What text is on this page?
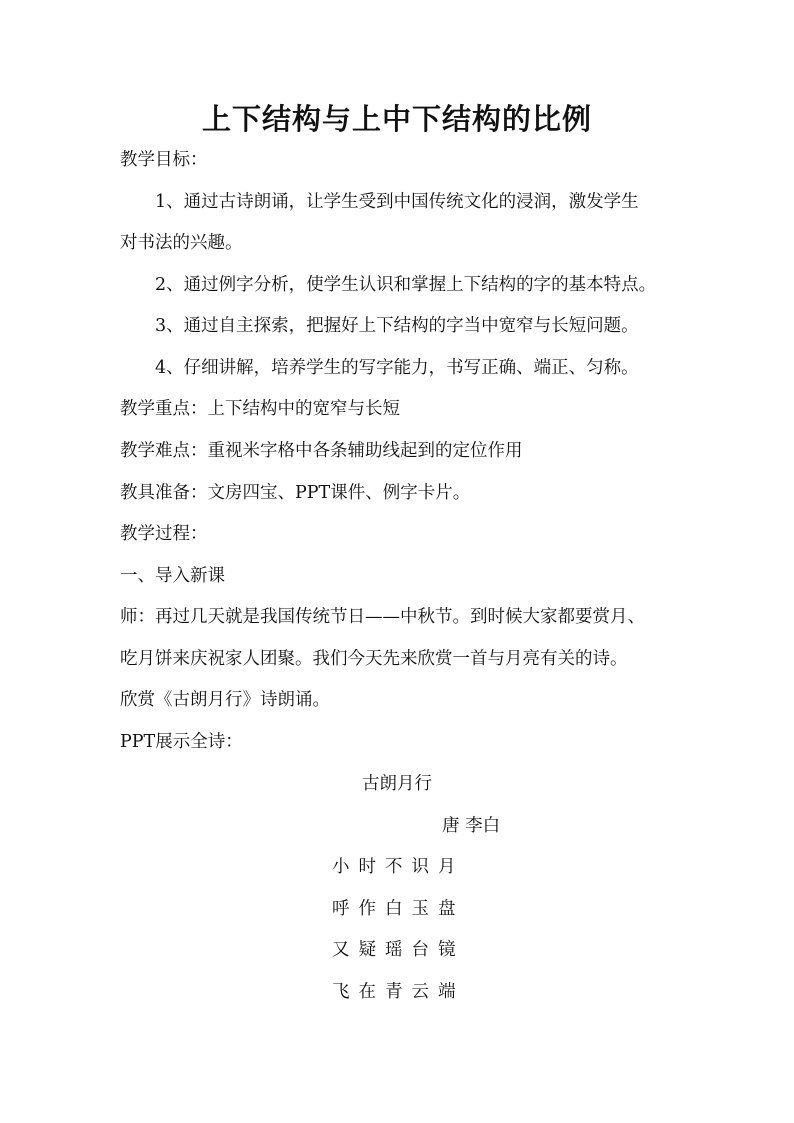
上下结构与上中下结构的比例

教学目标：

1、通过古诗朗诵，让学生受到中国传统文化的浸润，激发学生

对书法的兴趣。

2、通过例字分析，使学生认识和掌握上下结构的字的基本特点。

3、通过自主探索，把握好上下结构的字当中宽窄与长短问题。

4、仔细讲解，培养学生的写字能力，书写正确、端正、匀称。

教学重点：上下结构中的宽窄与长短

教学难点：重视米字格中各条辅助线起到的定位作用

教具准备：文房四宝、PPT课件、例字卡片。

教学过程：

一、导入新课

师：再过几天就是我国传统节日——中秋节。到时候大家都要赏月、

吃月饼来庆祝家人团聚。我们今天先来欣赏一首与月亮有关的诗。

欣赏《古朗月行》诗朗诵。

PPT展示全诗：

古朗月行
唐 李白
小时不识月
呼作白玉盘
又疑瑶台镜
飞在青云端
